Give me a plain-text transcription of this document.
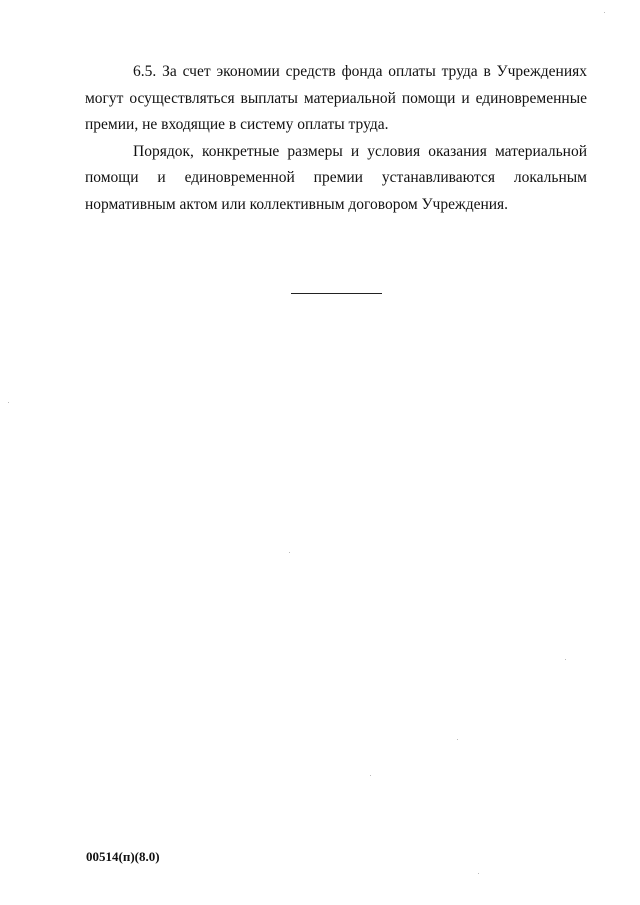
6.5. За счет экономии средств фонда оплаты труда в Учреждениях могут осуществляться выплаты материальной помощи и единовременные премии, не входящие в систему оплаты труда.

Порядок, конкретные размеры и условия оказания материальной помощи и единовременной премии устанавливаются локальным нормативным актом или коллективным договором Учреждения.

00514(п)(8.0)
